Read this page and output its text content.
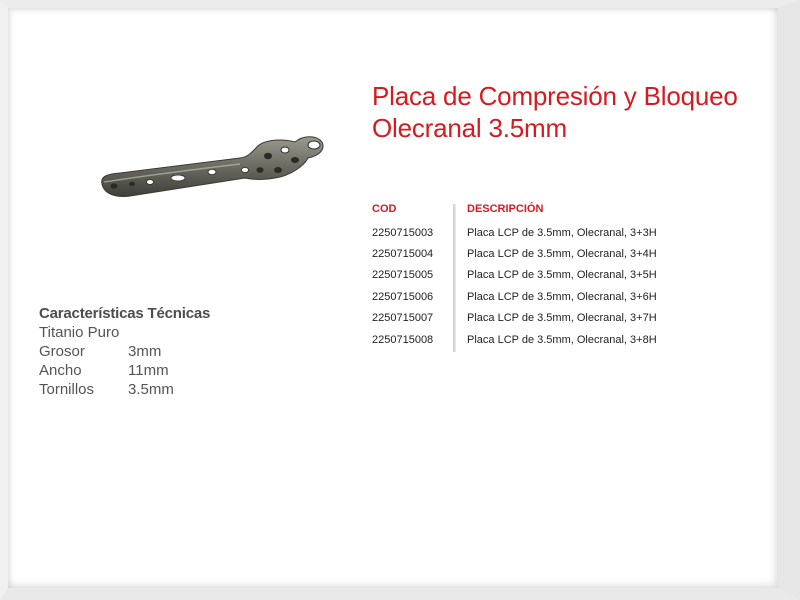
Placa de Compresión y Bloqueo
Olecranal 3.5mm
Características Técnicas
Titanio Puro
Grosor	3mm
Ancho	11mm
Tornillos	3.5mm
COD	DESCRIPCIÓN
2250715003	Placa LCP de 3.5mm, Olecranal, 3+3H
2250715004	Placa LCP de 3.5mm, Olecranal, 3+4H
2250715005	Placa LCP de 3.5mm, Olecranal, 3+5H
2250715006	Placa LCP de 3.5mm, Olecranal, 3+6H
2250715007	Placa LCP de 3.5mm, Olecranal, 3+7H
2250715008	Placa LCP de 3.5mm, Olecranal, 3+8H
